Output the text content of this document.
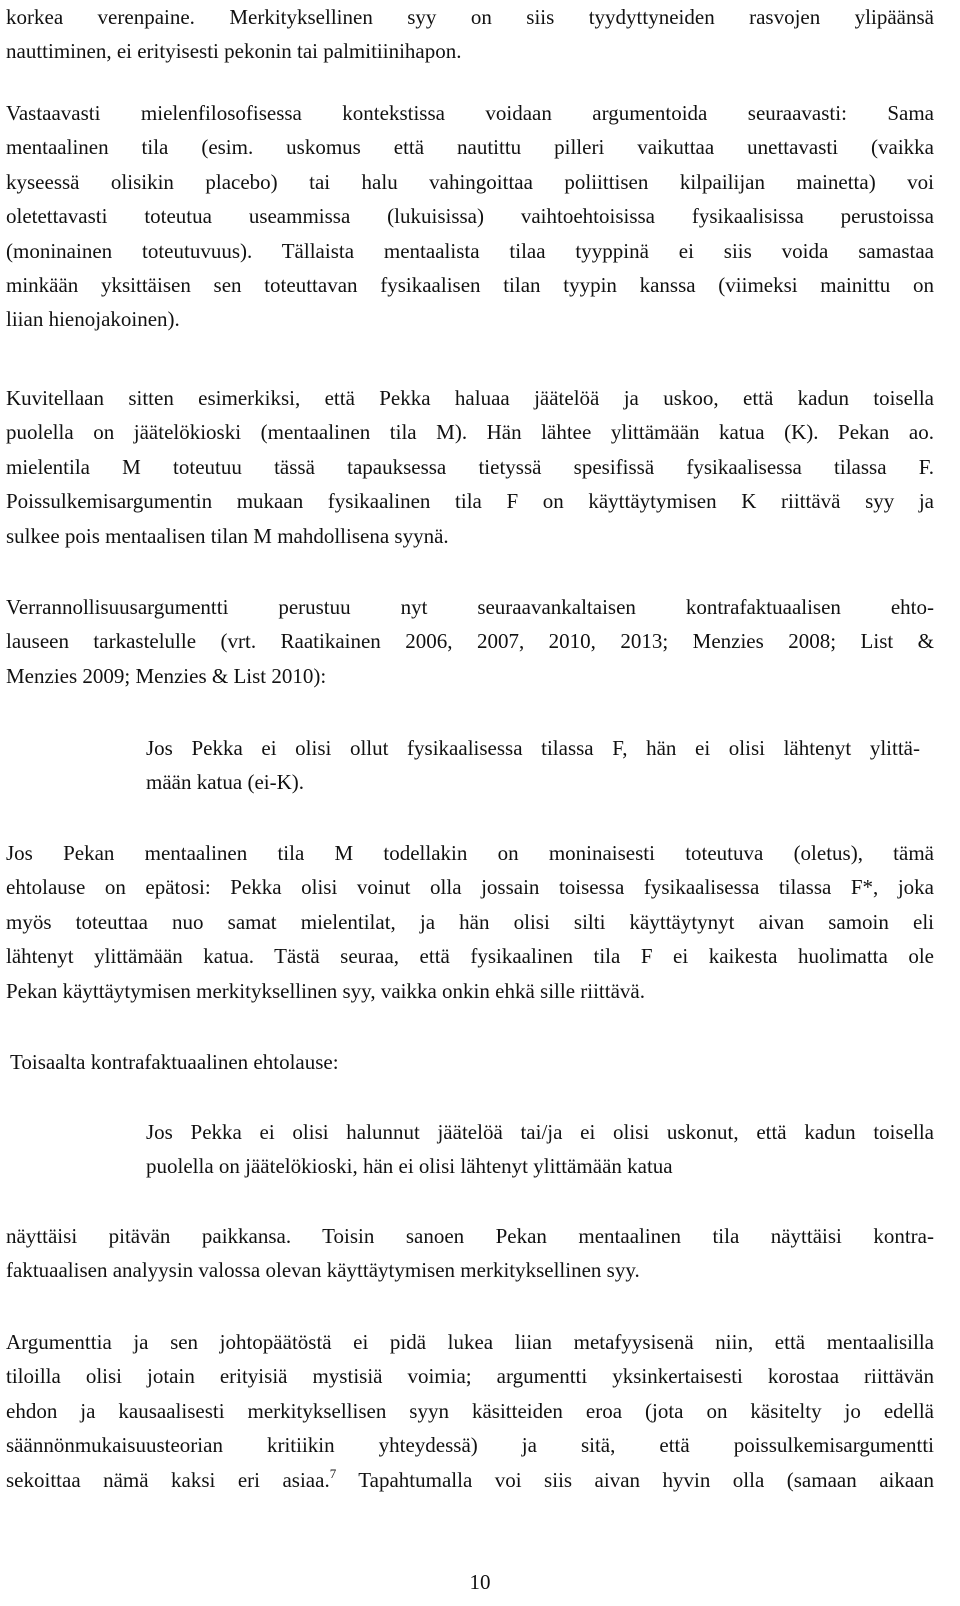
korkea verenpaine. Merkityksellinen syy on siis tyydyttyneiden rasvojen ylipäänsä
nauttiminen, ei erityisesti pekonin tai palmitiinihapon.
Vastaavasti mielenfilosofisessa kontekstissa voidaan argumentoida seuraavasti: Sama
mentaalinen tila (esim. uskomus että nautittu pilleri vaikuttaa unettavasti (vaikka
kyseessä olisikin placebo) tai halu vahingoittaa poliittisen kilpailijan mainetta) voi
oletettavasti toteutua useammissa (lukuisissa) vaihtoehtoisissa fysikaalisissa perustoissa
(moninainen toteutuvuus). Tällaista mentaalista tilaa tyyppinä ei siis voida samastaa
minkään yksittäisen sen toteuttavan fysikaalisen tilan tyypin kanssa (viimeksi mainittu on
liian hienojakoinen).
Kuvitellaan sitten esimerkiksi, että Pekka haluaa jäätelöä ja uskoo, että kadun toisella
puolella on jäätelökioski (mentaalinen tila M). Hän lähtee ylittämään katua (K). Pekan ao.
mielentila M toteutuu tässä tapauksessa tietyssä spesifissä fysikaalisessa tilassa F.
Poissulkemisargumentin mukaan fysikaalinen tila F on käyttäytymisen K riittävä syy ja
sulkee pois mentaalisen tilan M mahdollisena syynä.
Verrannollisuusargumentti perustuu nyt seuraavankaltaisen kontrafaktuaalisen ehto-
lauseen tarkastelulle (vrt. Raatikainen 2006, 2007, 2010, 2013; Menzies 2008; List &
Menzies 2009; Menzies & List 2010):
Jos Pekka ei olisi ollut fysikaalisessa tilassa F, hän ei olisi lähtenyt ylittä-
mään katua (ei-K).
Jos Pekan mentaalinen tila M todellakin on moninaisesti toteutuva (oletus), tämä
ehtolause on epätosi: Pekka olisi voinut olla jossain toisessa fysikaalisessa tilassa F*, joka
myös toteuttaa nuo samat mielentilat, ja hän olisi silti käyttäytynyt aivan samoin eli
lähtenyt ylittämään katua. Tästä seuraa, että fysikaalinen tila F ei kaikesta huolimatta ole
Pekan käyttäytymisen merkityksellinen syy, vaikka onkin ehkä sille riittävä.
Toisaalta kontrafaktuaalinen ehtolause:
Jos Pekka ei olisi halunnut jäätelöä tai/ja ei olisi uskonut, että kadun toisella
puolella on jäätelökioski, hän ei olisi lähtenyt ylittämään katua
näyttäisi pitävän paikkansa. Toisin sanoen Pekan mentaalinen tila näyttäisi kontra-
faktuaalisen analyysin valossa olevan käyttäytymisen merkityksellinen syy.
Argumenttia ja sen johtopäätöstä ei pidä lukea liian metafyysisenä niin, että mentaalisilla
tiloilla olisi jotain erityisiä mystisiä voimia; argumentti yksinkertaisesti korostaa riittävän
ehdon ja kausaalisesti merkityksellisen syyn käsitteiden eroa (jota on käsitelty jo edellä
säännönmukaisuusteorian kritiikin yhteydessä) ja sitä, että poissulkemisargumentti
sekoittaa nämä kaksi eri asiaa.$^7$ Tapahtumalla voi siis aivan hyvin olla (samaan aikaan
10
